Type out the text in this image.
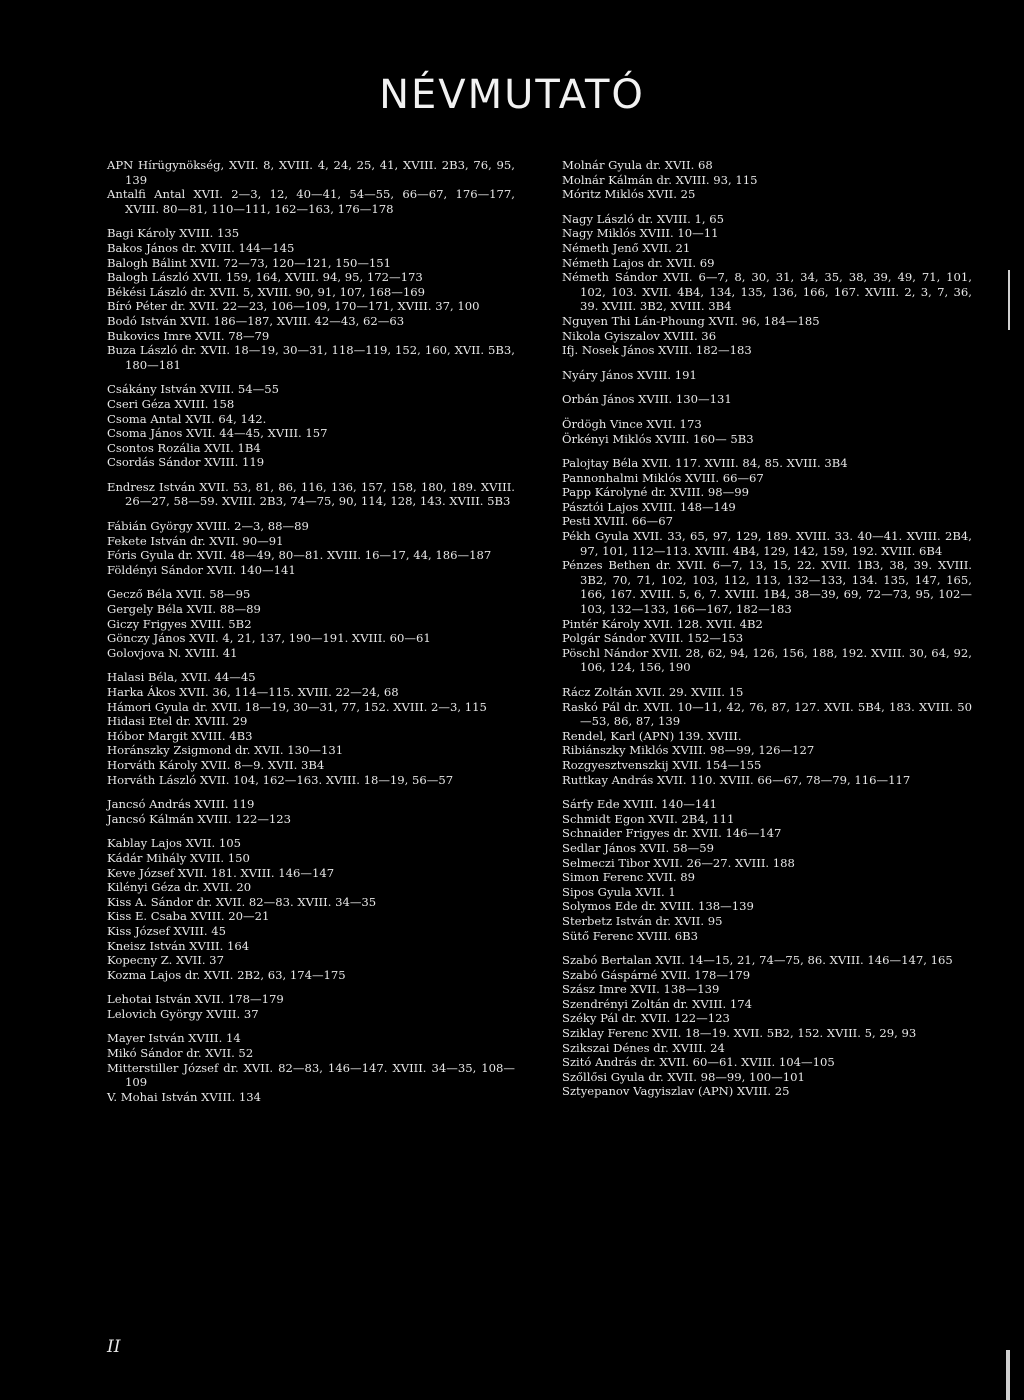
NÉVMUTATÓ
APN Hírügynökség, XVII. 8, XVIII. 4, 24, 25, 41, XVIII. 2B3, 76, 95, 139
Antalfi Antal XVII. 2—3, 12, 40—41, 54—55, 66—67, 176—177, XVIII. 80—81, 110—111, 162—163, 176—178
Bagi Károly XVIII. 135
Bakos János dr. XVIII. 144—145
Balogh Bálint XVII. 72—73, 120—121, 150—151
Balogh László XVII. 159, 164, XVIII. 94, 95, 172—173
Békési László dr. XVII. 5, XVIII. 90, 91, 107, 168—169
Bíró Péter dr. XVII. 22—23, 106—109, 170—171, XVIII. 37, 100
Bodó István XVII. 186—187, XVIII. 42—43, 62—63
Bukovics Imre XVII. 78—79
Buza László dr. XVII. 18—19, 30—31, 118—119, 152, 160, XVII. 5B3, 180—181
Csákány István XVIII. 54—55
Cseri Géza XVIII. 158
Csoma Antal XVII. 64, 142.
Csoma János XVII. 44—45, XVIII. 157
Csontos Rozália XVII. 1B4
Csordás Sándor XVIII. 119
Endresz István XVII. 53, 81, 86, 116, 136, 157, 158, 180, 189. XVIII. 26—27, 58—59. XVIII. 2B3, 74—75, 90, 114, 128, 143. XVIII. 5B3
Fábián György XVIII. 2—3, 88—89
Fekete István dr. XVII. 90—91
Fóris Gyula dr. XVII. 48—49, 80—81. XVIII. 16—17, 44, 186—187
Földényi Sándor XVII. 140—141
Gecző Béla XVII. 58—95
Gergely Béla XVII. 88—89
Giczy Frigyes XVIII. 5B2
Gönczy János XVII. 4, 21, 137, 190—191. XVIII. 60—61
Golovjova N. XVIII. 41
Halasi Béla, XVII. 44—45
Harka Ákos XVII. 36, 114—115. XVIII. 22—24, 68
Hámori Gyula dr. XVII. 18—19, 30—31, 77, 152. XVIII. 2—3, 115
Hidasi Etel dr. XVIII. 29
Hóbor Margit XVIII. 4B3
Horánszky Zsigmond dr. XVII. 130—131
Horváth Károly XVII. 8—9. XVII. 3B4
Horváth László XVII. 104, 162—163. XVIII. 18—19, 56—57
Jancsó András XVIII. 119
Jancsó Kálmán XVIII. 122—123
Kablay Lajos XVII. 105
Kádár Mihály XVIII. 150
Keve József XVII. 181. XVIII. 146—147
Kilényi Géza dr. XVII. 20
Kiss A. Sándor dr. XVII. 82—83. XVIII. 34—35
Kiss E. Csaba XVIII. 20—21
Kiss József XVIII. 45
Kneisz István XVIII. 164
Kopecny Z. XVII. 37
Kozma Lajos dr. XVII. 2B2, 63, 174—175
Lehotai István XVII. 178—179
Lelovich György XVIII. 37
Mayer István XVIII. 14
Mikó Sándor dr. XVII. 52
Mitterstiller József dr. XVII. 82—83, 146—147. XVIII. 34—35, 108—109
V. Mohai István XVIII. 134
Molnár Gyula dr. XVII. 68
Molnár Kálmán dr. XVIII. 93, 115
Móritz Miklós XVII. 25
Nagy László dr. XVIII. 1, 65
Nagy Miklós XVIII. 10—11
Németh Jenő XVII. 21
Németh Lajos dr. XVII. 69
Németh Sándor XVII. 6—7, 8, 30, 31, 34, 35, 38, 39, 49, 71, 101, 102, 103. XVII. 4B4, 134, 135, 136, 166, 167. XVIII. 2, 3, 7, 36, 39. XVIII. 3B2, XVIII. 3B4
Nguyen Thi Lán-Phoung XVII. 96, 184—185
Nikola Gyiszalov XVIII. 36
Ifj. Nosek János XVIII. 182—183
Nyáry János XVIII. 191
Orbán János XVIII. 130—131
Ördögh Vince XVII. 173
Örkényi Miklós XVIII. 160— 5B3
Palojtay Béla XVII. 117. XVIII. 84, 85. XVIII. 3B4
Pannonhalmi Miklós XVIII. 66—67
Papp Károlyné dr. XVIII. 98—99
Pásztói Lajos XVIII. 148—149
Pesti XVIII. 66—67
Pékh Gyula XVII. 33, 65, 97, 129, 189. XVIII. 33. 40—41. XVIII. 2B4, 97, 101, 112—113. XVIII. 4B4, 129, 142, 159, 192. XVIII. 6B4
Pénzes Bethen dr. XVII. 6—7, 13, 15, 22. XVII. 1B3, 38, 39. XVIII. 3B2, 70, 71, 102, 103, 112, 113, 132—133, 134. 135, 147, 165, 166, 167. XVIII. 5, 6, 7. XVIII. 1B4, 38—39, 69, 72—73, 95, 102—103, 132—133, 166—167, 182—183
Pintér Károly XVII. 128. XVII. 4B2
Polgár Sándor XVIII. 152—153
Pöschl Nándor XVII. 28, 62, 94, 126, 156, 188, 192. XVIII. 30, 64, 92, 106, 124, 156, 190
Rácz Zoltán XVII. 29. XVIII. 15
Raskó Pál dr. XVII. 10—11, 42, 76, 87, 127. XVII. 5B4, 183. XVIII. 50—53, 86, 87, 139
Rendel, Karl (APN) 139. XVIII.
Ribiánszky Miklós XVIII. 98—99, 126—127
Rozgyesztvenszkij XVII. 154—155
Ruttkay András XVII. 110. XVIII. 66—67, 78—79, 116—117
Sárfy Ede XVIII. 140—141
Schmidt Egon XVII. 2B4, 111
Schnaider Frigyes dr. XVII. 146—147
Sedlar János XVII. 58—59
Selmeczi Tibor XVII. 26—27. XVIII. 188
Simon Ferenc XVII. 89
Sipos Gyula XVII. 1
Solymos Ede dr. XVIII. 138—139
Sterbetz István dr. XVII. 95
Sütő Ferenc XVIII. 6B3
Szabó Bertalan XVII. 14—15, 21, 74—75, 86. XVIII. 146—147, 165
Szabó Gáspárné XVII. 178—179
Szász Imre XVII. 138—139
Szendrényi Zoltán dr. XVIII. 174
Széky Pál dr. XVII. 122—123
Sziklay Ferenc XVII. 18—19. XVII. 5B2, 152. XVIII. 5, 29, 93
Szikszai Dénes dr. XVIII. 24
Szitó András dr. XVII. 60—61. XVIII. 104—105
Szőllősi Gyula dr. XVII. 98—99, 100—101
Sztyepanov Vagyiszlav (APN) XVIII. 25
II
